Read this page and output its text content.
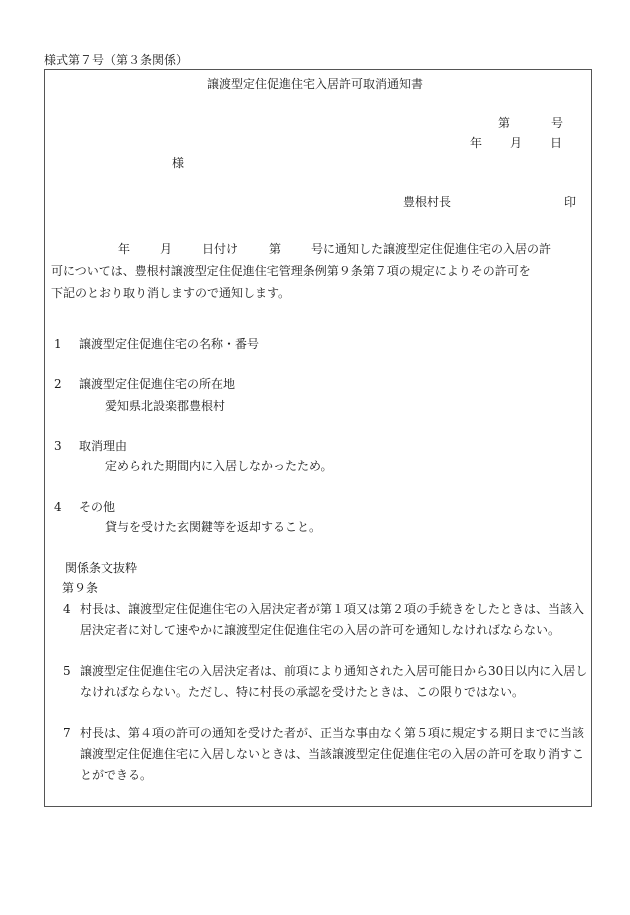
様式第７号（第３条関係）
譲渡型定住促進住宅入居許可取消通知書
第	号
年	月	日
様
豊根村長	印
年	月	日付け	第	号に通知した譲渡型定住促進住宅の入居の許
可については、豊根村譲渡型定住促進住宅管理条例第９条第７項の規定によりその許可を
下記のとおり取り消しますので通知します。
1 譲渡型定住促進住宅の名称・番号
2 譲渡型定住促進住宅の所在地
愛知県北設楽郡豊根村
3 取消理由
定められた期間内に入居しなかったため。
4 その他
貸与を受けた玄関鍵等を返却すること。
関係条文抜粋
第９条
4 村長は、譲渡型定住促進住宅の入居決定者が第１項又は第２項の手続きをしたときは、当該入居決定者に対して速やかに譲渡型定住促進住宅の入居の許可を通知しなければならない。
5 譲渡型定住促進住宅の入居決定者は、前項により通知された入居可能日から30日以内に入居しなければならない。ただし、特に村長の承認を受けたときは、この限りではない。
7 村長は、第４項の許可の通知を受けた者が、正当な事由なく第５項に規定する期日までに当該譲渡型定住促進住宅に入居しないときは、当該譲渡型定住促進住宅の入居の許可を取り消すことができる。
